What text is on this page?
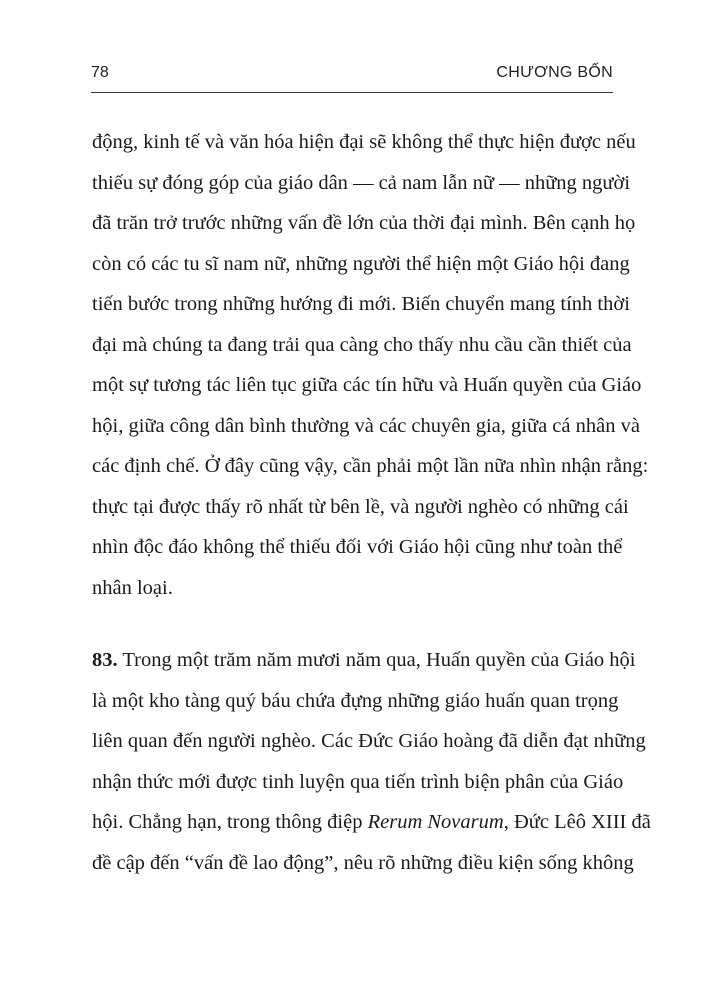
78	CHƯƠNG BỐN

động, kinh tế và văn hóa hiện đại sẽ không thể thực hiện được nếu
thiếu sự đóng góp của giáo dân — cả nam lẫn nữ — những người
đã trăn trở trước những vấn đề lớn của thời đại mình. Bên cạnh họ
còn có các tu sĩ nam nữ, những người thể hiện một Giáo hội đang
tiến bước trong những hướng đi mới. Biến chuyển mang tính thời
đại mà chúng ta đang trải qua càng cho thấy nhu cầu cần thiết của
một sự tương tác liên tục giữa các tín hữu và Huấn quyền của Giáo
hội, giữa công dân bình thường và các chuyên gia, giữa cá nhân và
các định chế. Ở đây cũng vậy, cần phải một lần nữa nhìn nhận rằng:
thực tại được thấy rõ nhất từ bên lề, và người nghèo có những cái
nhìn độc đáo không thể thiếu đối với Giáo hội cũng như toàn thể
nhân loại.

83. Trong một trăm năm mươi năm qua, Huấn quyền của Giáo hội
là một kho tàng quý báu chứa đựng những giáo huấn quan trọng
liên quan đến người nghèo. Các Đức Giáo hoàng đã diễn đạt những
nhận thức mới được tinh luyện qua tiến trình biện phân của Giáo
hội. Chẳng hạn, trong thông điệp Rerum Novarum, Đức Lêô XIII đã
đề cập đến “vấn đề lao động”, nêu rõ những điều kiện sống không
